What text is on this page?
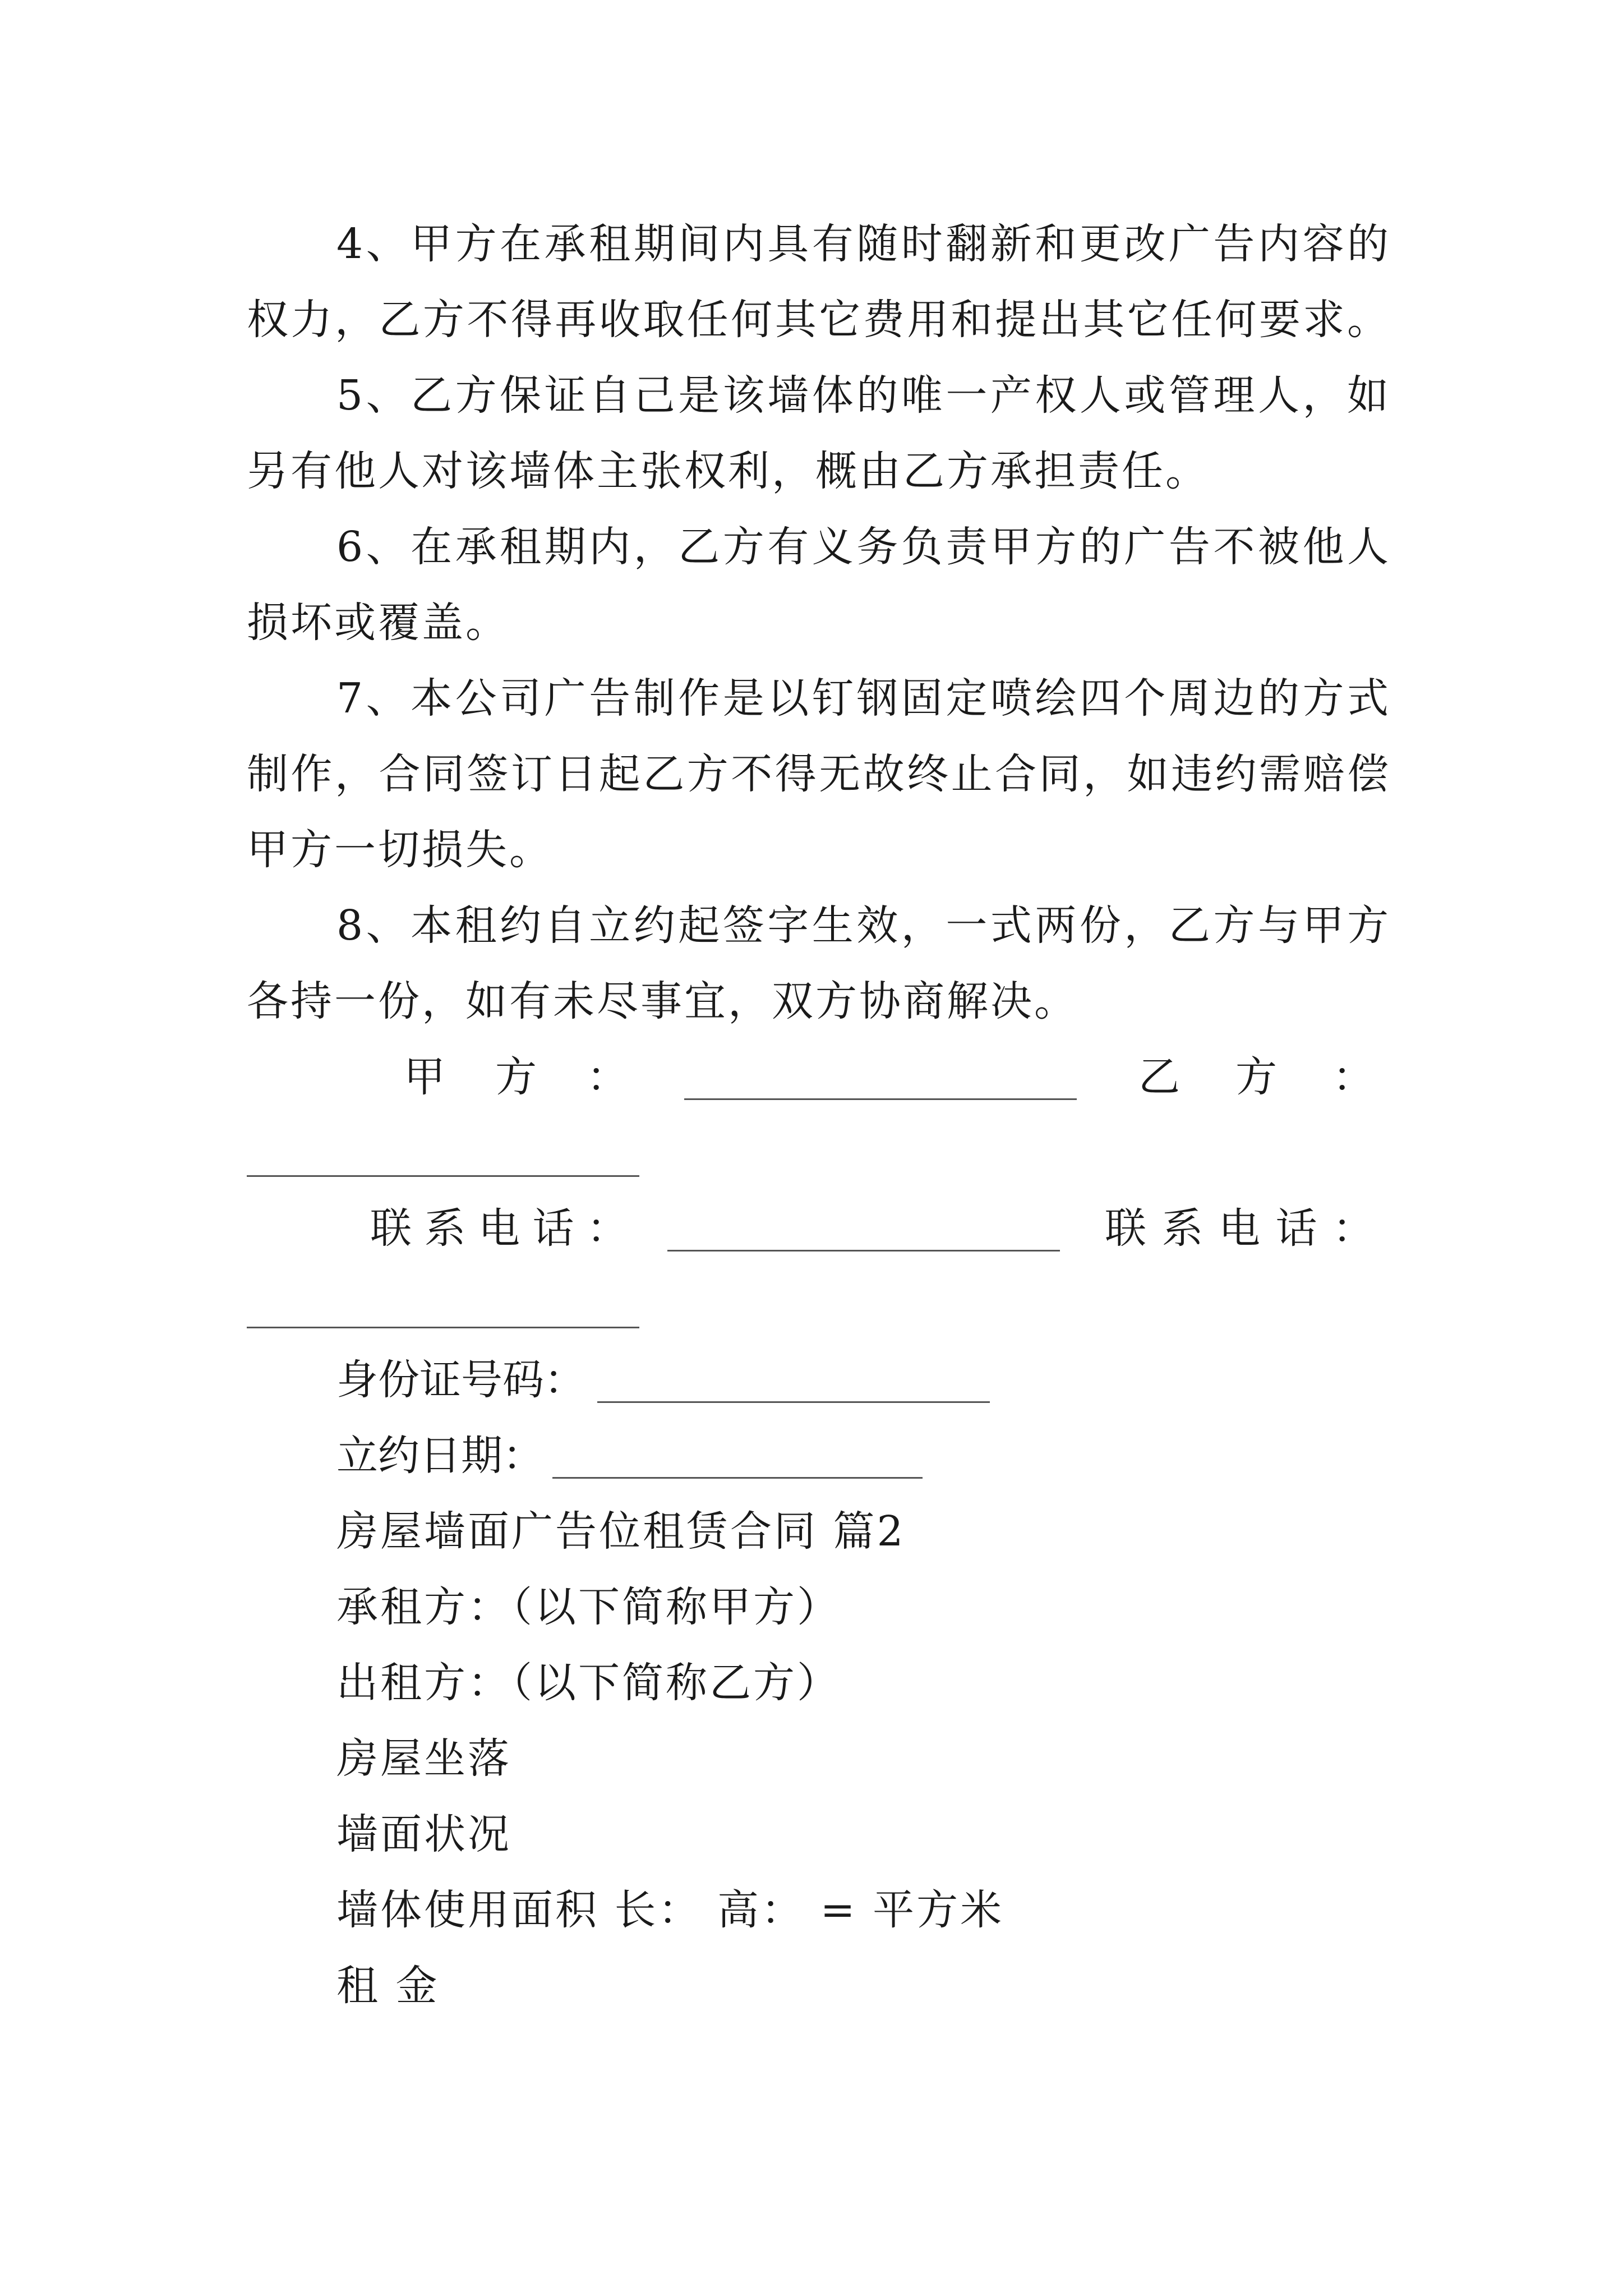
4、甲方在承租期间内具有随时翻新和更改广告内容的
权力，乙方不得再收取任何其它费用和提出其它任何要求。
5、乙方保证自己是该墙体的唯一产权人或管理人，如
另有他人对该墙体主张权利，概由乙方承担责任。
6、在承租期内，乙方有义务负责甲方的广告不被他人
损坏或覆盖。
7、本公司广告制作是以钉钢固定喷绘四个周边的方式
制作，合同签订日起乙方不得无故终止合同，如违约需赔偿
甲方一切损失。
8、本租约自立约起签字生效，一式两份，乙方与甲方
各持一份，如有未尽事宜，双方协商解决。
甲 方 ：	乙 方 ：
联 系 电 话 ：	联 系 电 话 ：
身份证号码：
立约日期：
房屋墙面广告位租赁合同 篇2
承租方：（以下简称甲方）
出租方：（以下简称乙方）
房屋坐落
墙面状况
墙体使用面积 长： 高： = 平方米
租 金
